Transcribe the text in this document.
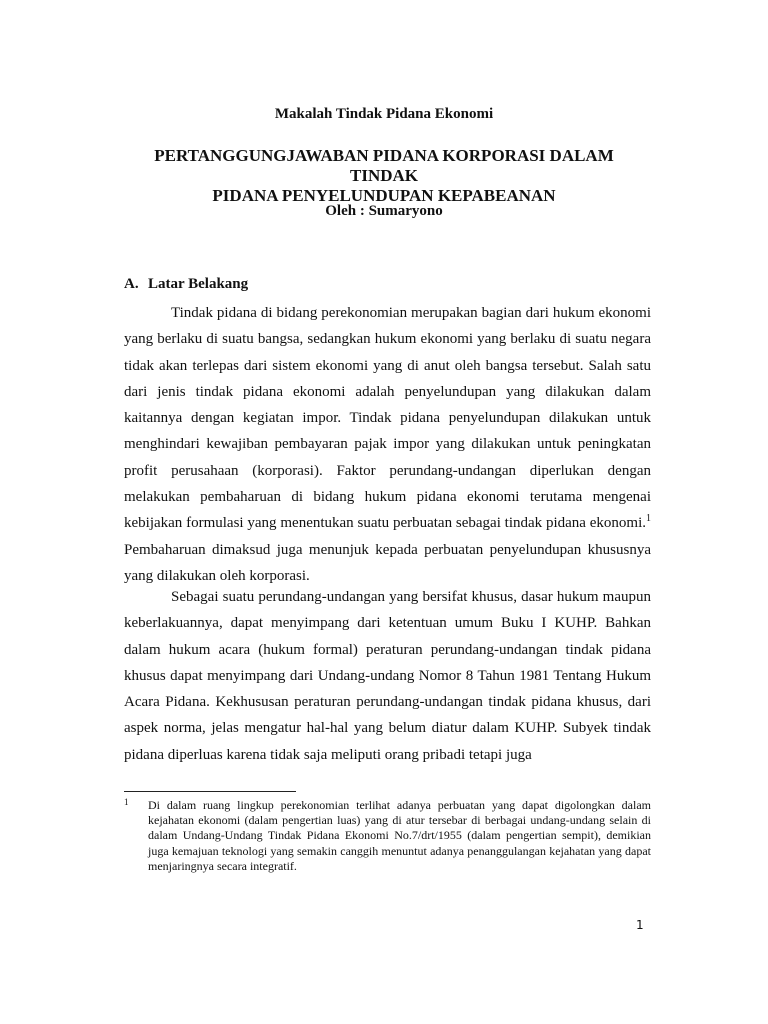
Makalah Tindak Pidana Ekonomi
PERTANGGUNGJAWABAN PIDANA KORPORASI DALAM TINDAK
PIDANA PENYELUNDUPAN KEPABEANAN
Oleh : Sumaryono
A. Latar Belakang

Tindak pidana di bidang perekonomian merupakan bagian dari hukum ekonomi yang berlaku di suatu bangsa, sedangkan hukum ekonomi yang berlaku di suatu negara tidak akan terlepas dari sistem ekonomi yang di anut oleh bangsa tersebut. Salah satu dari jenis tindak pidana ekonomi adalah penyelundupan yang dilakukan dalam kaitannya dengan kegiatan impor. Tindak pidana penyelundupan dilakukan untuk menghindari kewajiban pembayaran pajak impor yang dilakukan untuk peningkatan profit perusahaan (korporasi). Faktor perundang-undangan diperlukan dengan melakukan pembaharuan di bidang hukum pidana ekonomi terutama mengenai kebijakan formulasi yang menentukan suatu perbuatan sebagai tindak pidana ekonomi.$^1$ Pembaharuan dimaksud juga menunjuk kepada perbuatan penyelundupan khususnya yang dilakukan oleh korporasi.

Sebagai suatu perundang-undangan yang bersifat khusus, dasar hukum maupun keberlakuannya, dapat menyimpang dari ketentuan umum Buku I KUHP. Bahkan dalam hukum acara (hukum formal) peraturan perundang-undangan tindak pidana khusus dapat menyimpang dari Undang-undang Nomor 8 Tahun 1981 Tentang Hukum Acara Pidana. Kekhususan peraturan perundang-undangan tindak pidana khusus, dari aspek norma, jelas mengatur hal-hal yang belum diatur dalam KUHP. Subyek tindak pidana diperluas karena tidak saja meliputi orang pribadi tetapi juga

1 Di dalam ruang lingkup perekonomian terlihat adanya perbuatan yang dapat digolongkan dalam kejahatan ekonomi (dalam pengertian luas) yang di atur tersebar di berbagai undang-undang selain di dalam Undang-Undang Tindak Pidana Ekonomi No.7/drt/1955 (dalam pengertian sempit), demikian juga kemajuan teknologi yang semakin canggih menuntut adanya penanggulangan kejahatan yang dapat menjaringnya secara integratif.
1
